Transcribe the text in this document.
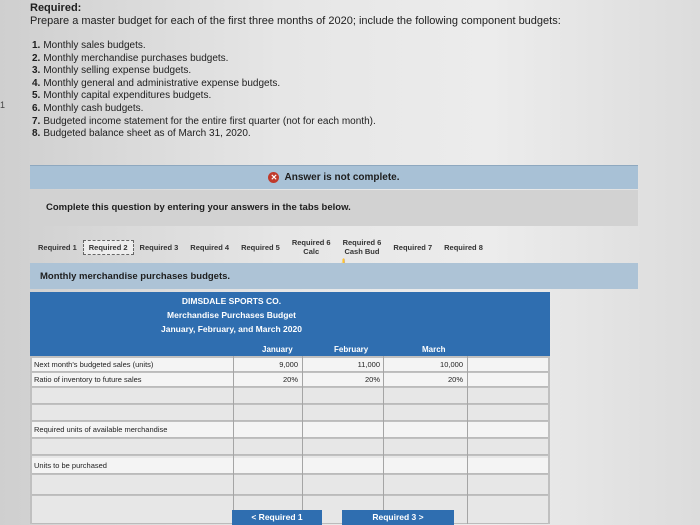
1
Required:
Prepare a master budget for each of the first three months of 2020; include the following component budgets:
1. Monthly sales budgets.
2. Monthly merchandise purchases budgets.
3. Monthly selling expense budgets.
4. Monthly general and administrative expense budgets.
5. Monthly capital expenditures budgets.
6. Monthly cash budgets.
7. Budgeted income statement for the entire first quarter (not for each month).
8. Budgeted balance sheet as of March 31, 2020.
✕ Answer is not complete.
Complete this question by entering your answers in the tabs below.
Required 1	Required 2	Required 3	Required 4	Required 5	Required 6
Calc
Required 6
Cash Bud	Required 7	Required 8
Monthly merchandise purchases budgets.
DIMSDALE SPORTS CO.
Merchandise Purchases Budget
January, February, and March 2020
January	February	March
Next month's budgeted sales (units)	9,000	11,000	10,000
Ratio of inventory to future sales	20%	20%	20%
Required units of available merchandise
Units to be purchased
< Required 1	Required 3 >
